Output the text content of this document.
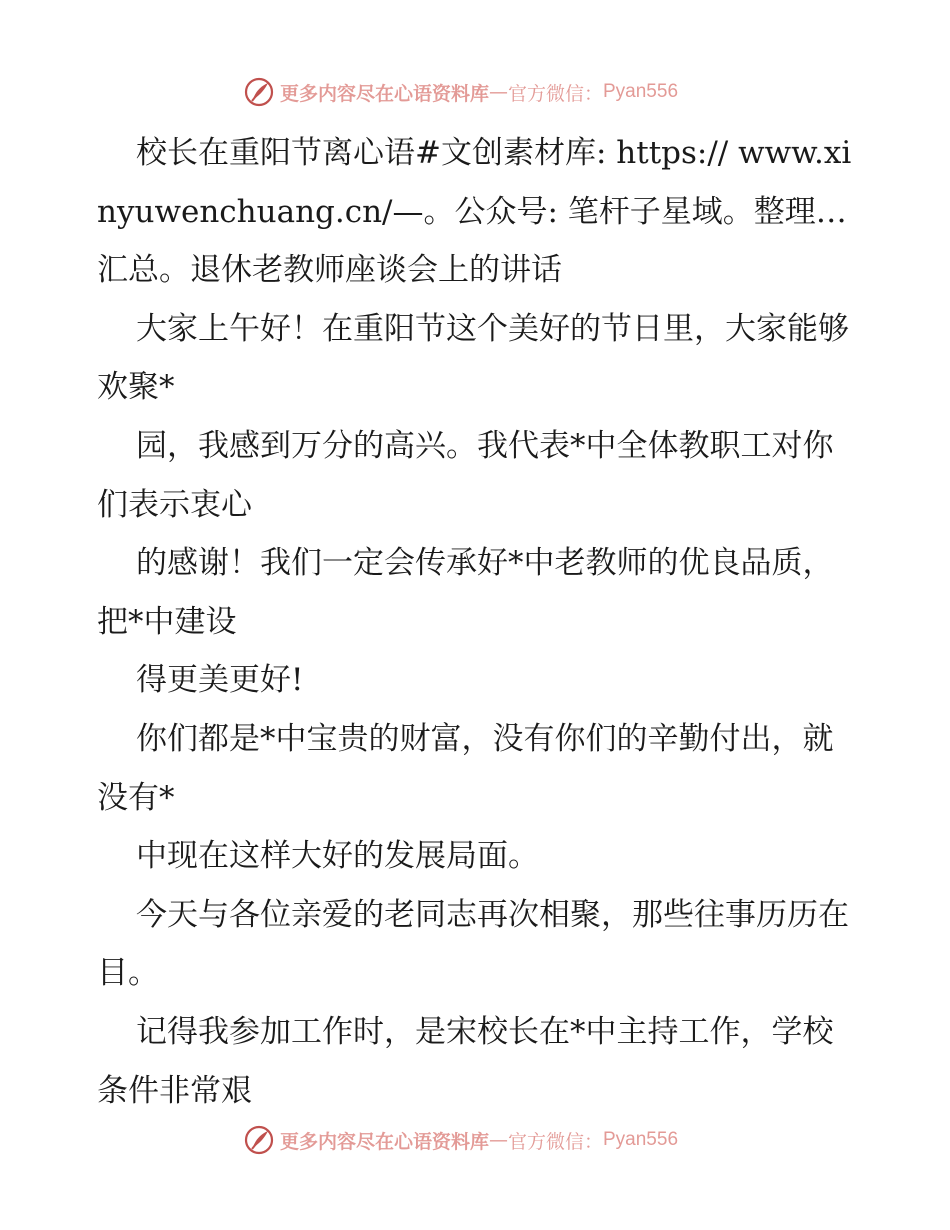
更多内容尽在心语资料库 — 官方微信： Pyan556

校长在重阳节离心语#文创素材库: https:// www.xinyuwenchuang.cn/—。公众号: 笔杆子星域。整理…汇总。退休老教师座谈会上的讲话

大家上午好！在重阳节这个美好的节日里，大家能够欢聚*

园，我感到万分的高兴。我代表*中全体教职工对你们表示衷心

的感谢！我们一定会传承好*中老教师的优良品质，把*中建设

得更美更好!

你们都是*中宝贵的财富，没有你们的辛勤付出，就没有*

中现在这样大好的发展局面。

今天与各位亲爱的老同志再次相聚，那些往事历历在目。

记得我参加工作时，是宋校长在*中主持工作，学校条件非常艰

更多内容尽在心语资料库 — 官方微信： Pyan556
